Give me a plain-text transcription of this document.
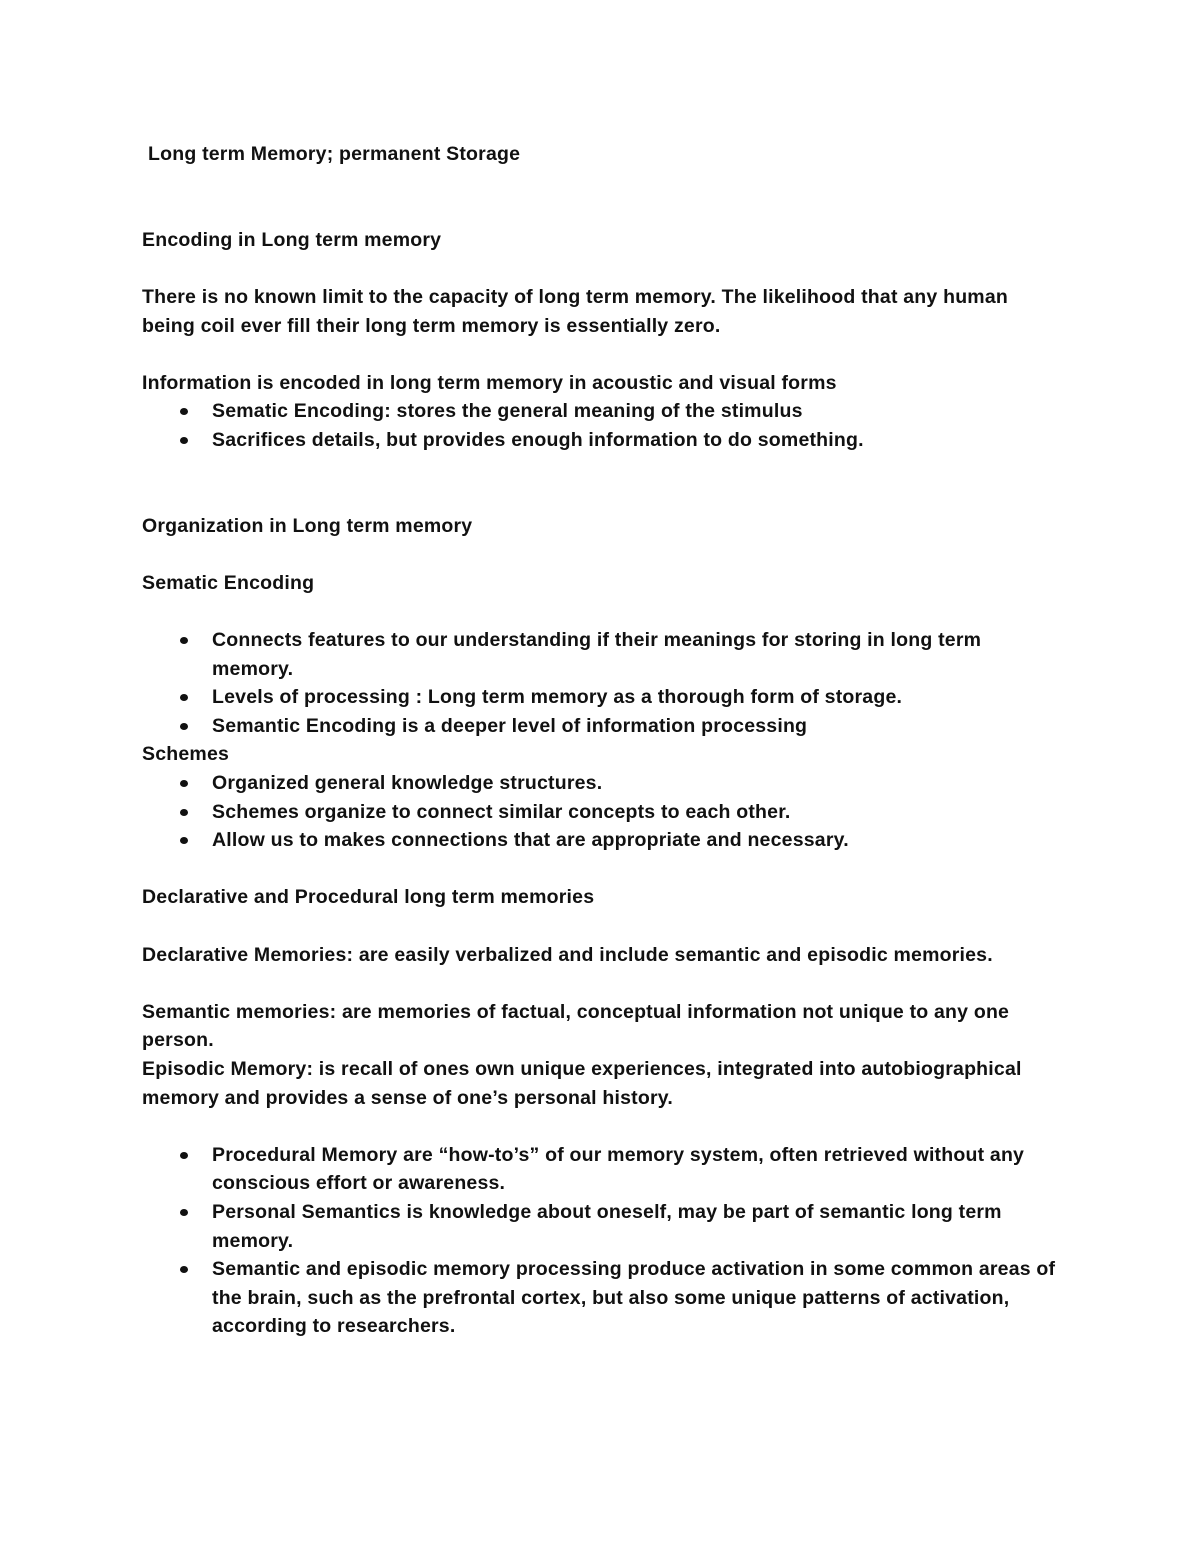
Long term Memory; permanent Storage

Encoding in Long term memory

There is no known limit to the capacity of long term memory. The likelihood that any human being coil ever fill their long term memory is essentially zero.

Information is encoded in long term memory in acoustic and visual forms

Sematic Encoding: stores the general meaning of the stimulus
Sacrifices details, but provides enough information to do something.

Organization in Long term memory

Sematic Encoding

Connects features to our understanding if their meanings for storing in long term memory.
Levels of processing : Long term memory as a thorough form of storage.
Semantic Encoding is a deeper level of information processing

Schemes

Organized general knowledge structures.
Schemes organize to connect similar concepts to each other.
Allow us to makes connections that are appropriate and necessary.

Declarative and Procedural long term memories

Declarative Memories: are easily verbalized and include semantic and episodic memories.

Semantic memories: are memories of factual, conceptual information not unique to any one person.

Episodic Memory: is recall of ones own unique experiences, integrated into autobiographical memory and provides a sense of one’s personal history.

Procedural Memory are “how-to’s” of our memory system, often retrieved without any conscious effort or awareness.
Personal Semantics is knowledge about oneself, may be part of semantic long term memory.
Semantic and episodic memory processing produce activation in some common areas of the brain, such as the prefrontal cortex, but also some unique patterns of activation, according to researchers.
